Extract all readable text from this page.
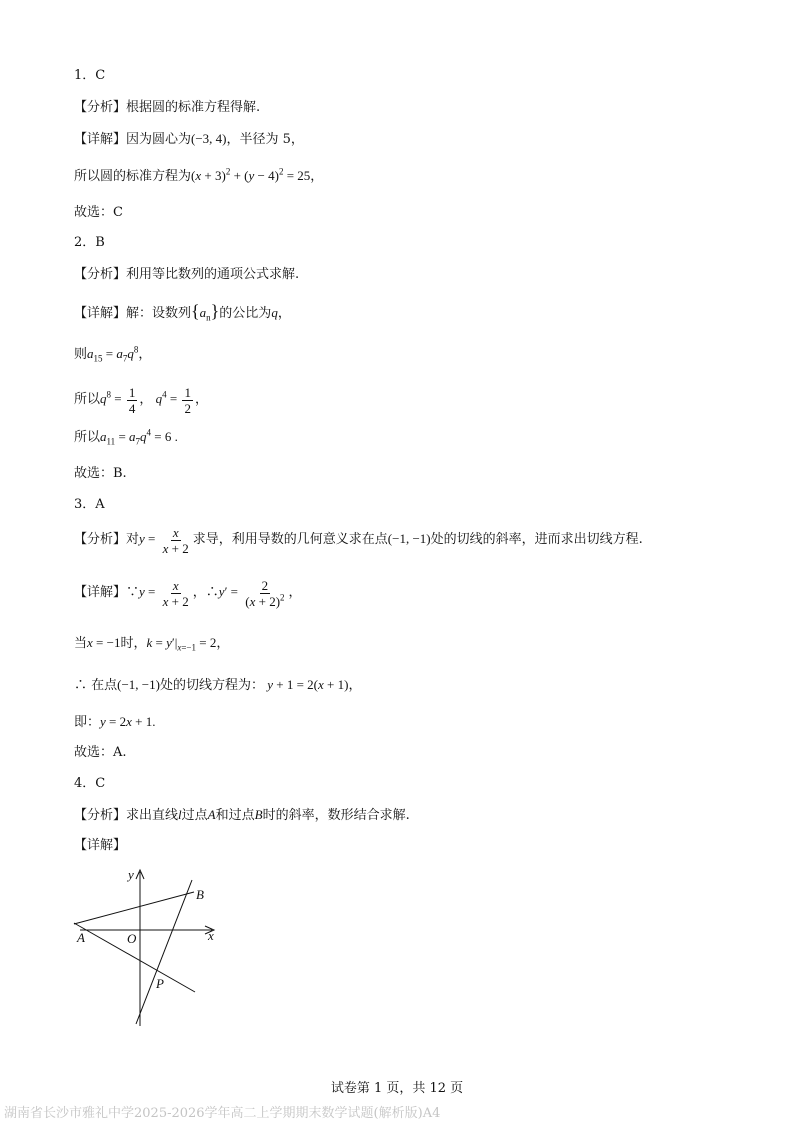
1．C
【分析】根据圆的标准方程得解.
【详解】因为圆心为(−3, 4)，半径为 5，
所以圆的标准方程为$(x + 3)^2 + (y - 4)^2 = 25$，
故选：C
2．B
【分析】利用等比数列的通项公式求解.
【详解】解：设数列$\{a_n\}$的公比为q，
则$a_{15} = a_7q^8$，
所以$q^8 = \frac{1}{4}$ ， $q^4 = \frac{1}{2}$ ，
所以$a_{11} = a_7q^4 = 6$ .
故选：B.
3．A
【分析】对$y = \frac{x}{x + 2}$ 求导，利用导数的几何意义求在点(−1, −1)处的切线的斜率，进而求出切线方程.
【详解】∵y = $\frac{x}{x + 2}$ ，∴y′ = $\frac{2}{(x + 2)^2}$ ，
当x = −1时，$k = y'|_{x=-1} = 2$，
∴ 在点(−1, −1)处的切线方程为： y + 1 = 2(x + 1)，
即：y = 2x + 1.
故选：A.
4．C
【分析】求出直线l过点A和过点B时的斜率，数形结合求解.
【详解】
y
x
A	O
B
P
试卷第 1 页，共 12 页
湖南省长沙市雅礼中学2025-2026学年高二上学期期末数学试题(解析版)A4
